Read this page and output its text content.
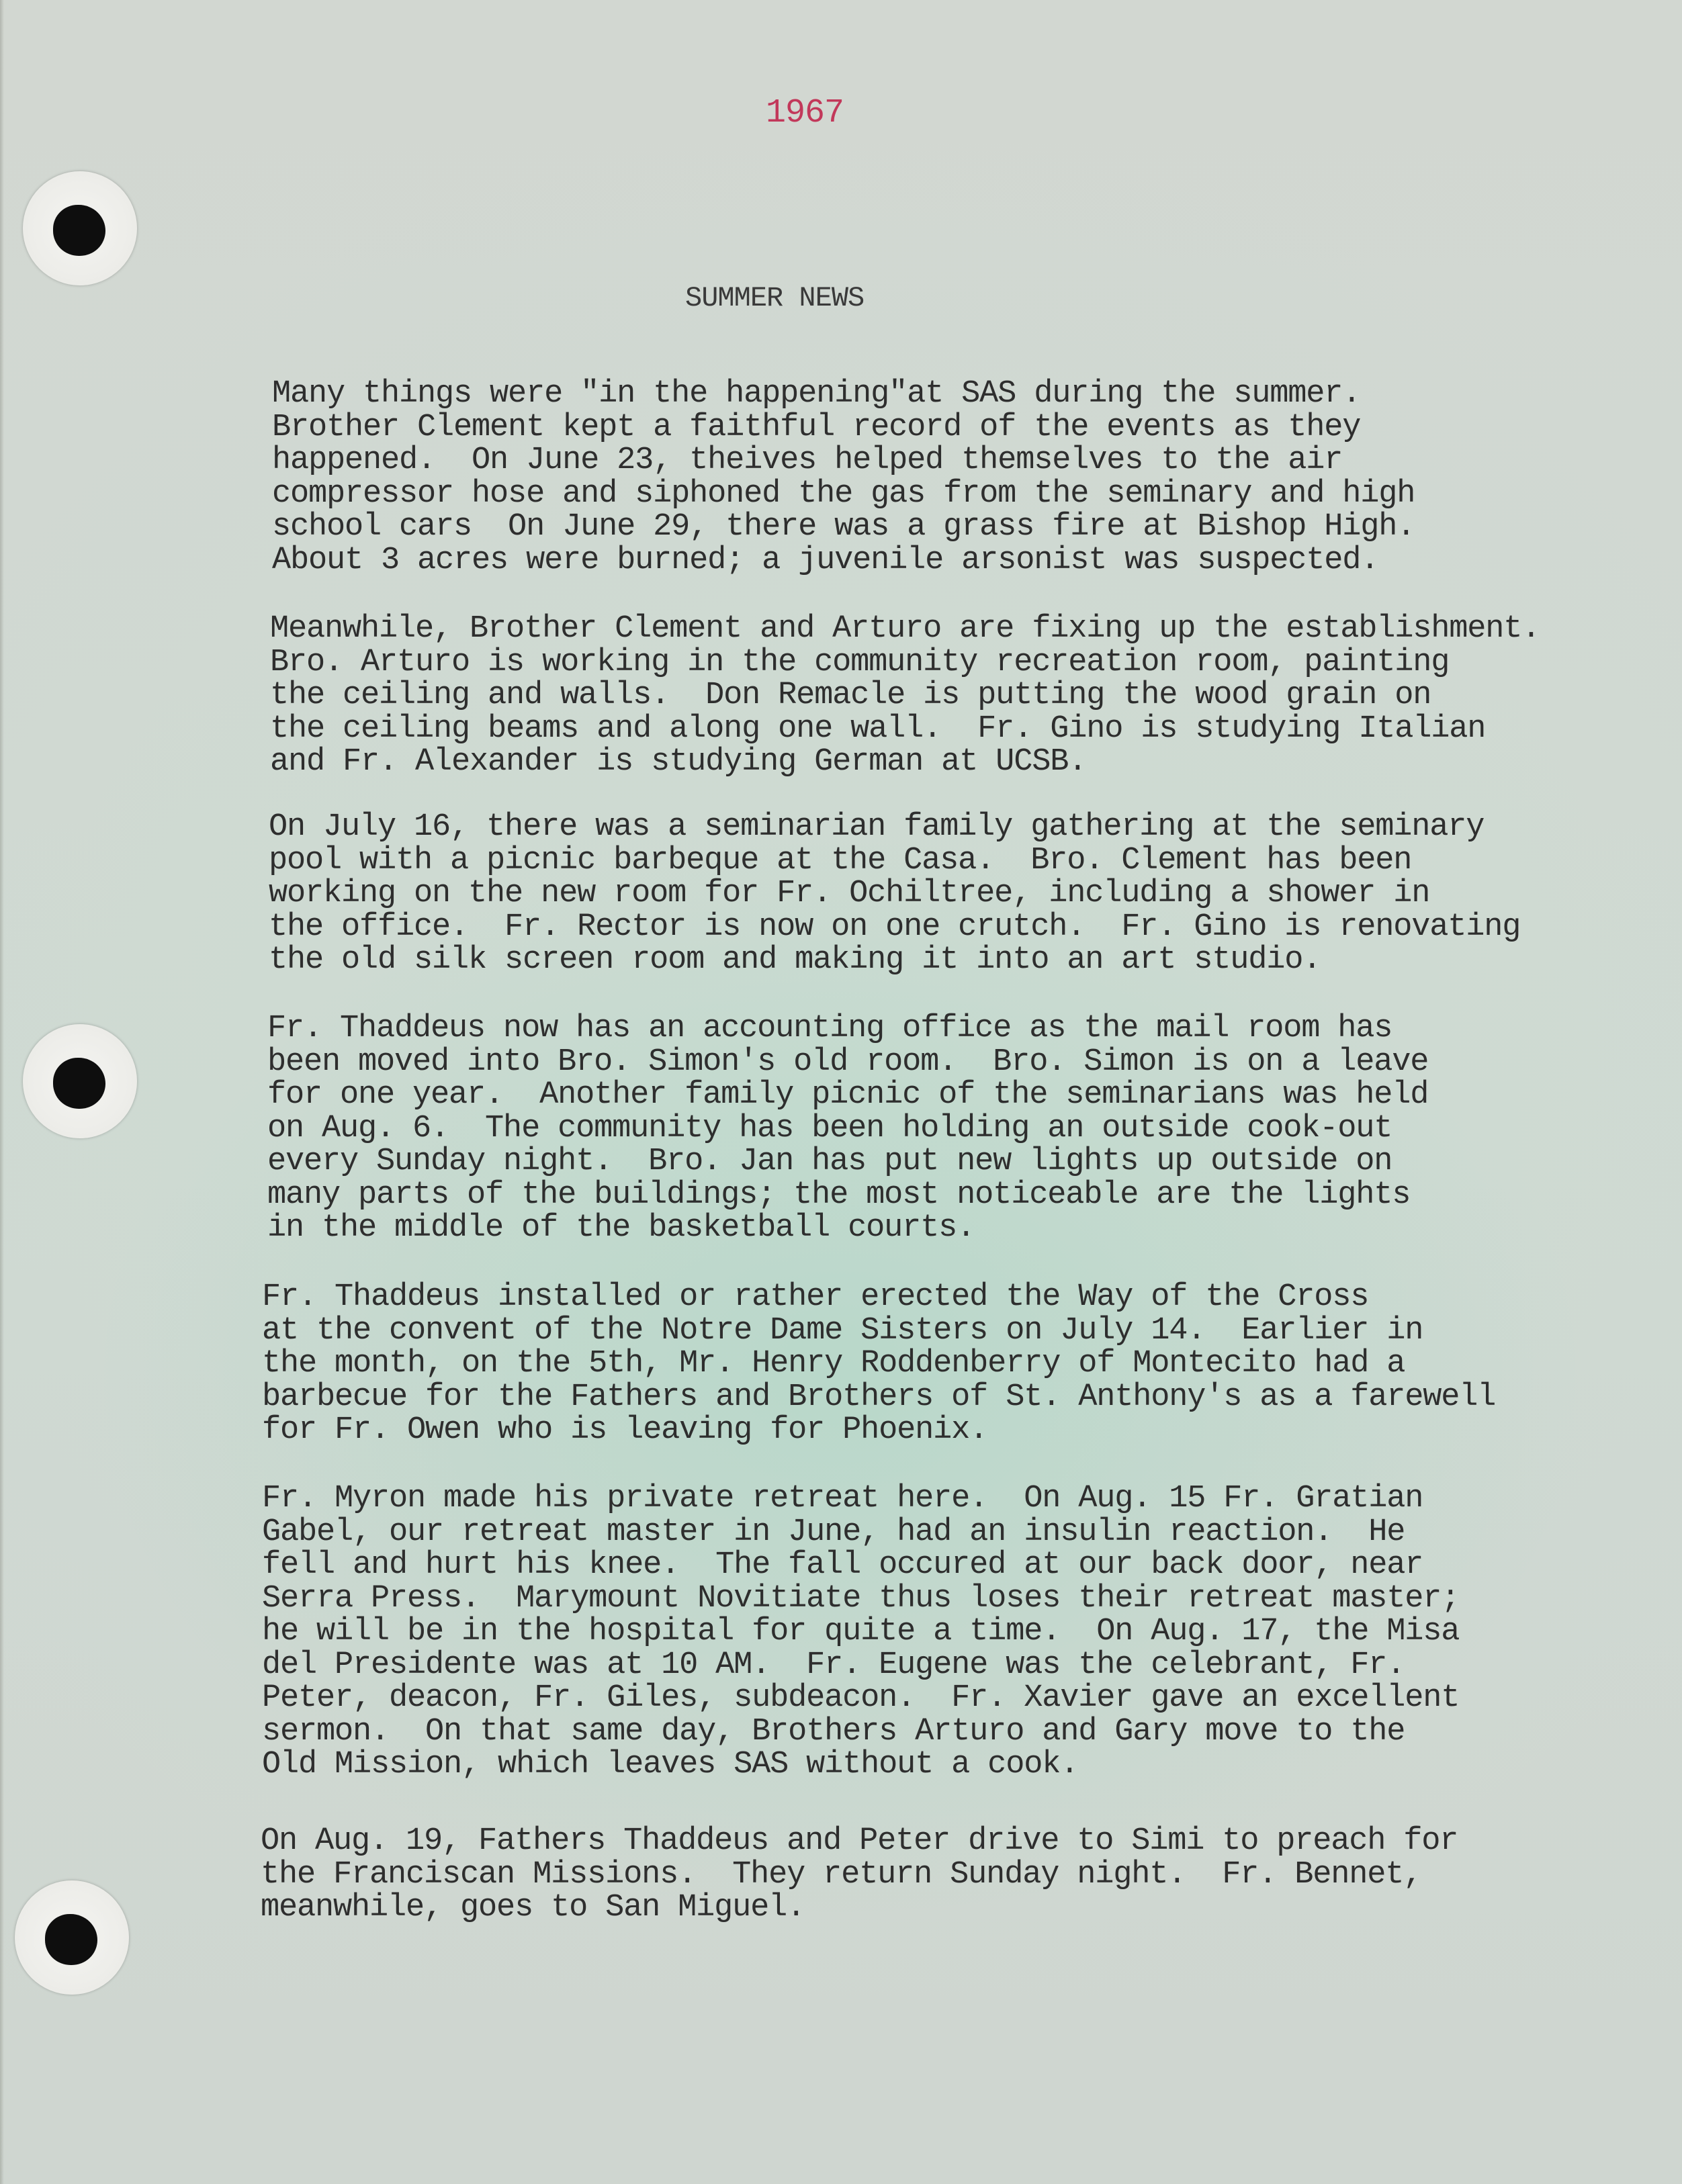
1967
SUMMER NEWS
Many things were "in the happening"at SAS during the summer.
Brother Clement kept a faithful record of the events as they
happened.  On June 23, theives helped themselves to the air
compressor hose and siphoned the gas from the seminary and high
school cars  On June 29, there was a grass fire at Bishop High.
About 3 acres were burned; a juvenile arsonist was suspected.
Meanwhile, Brother Clement and Arturo are fixing up the establishment.
Bro. Arturo is working in the community recreation room, painting
the ceiling and walls.  Don Remacle is putting the wood grain on
the ceiling beams and along one wall.  Fr. Gino is studying Italian
and Fr. Alexander is studying German at UCSB.
On July 16, there was a seminarian family gathering at the seminary
pool with a picnic barbeque at the Casa.  Bro. Clement has been
working on the new room for Fr. Ochiltree, including a shower in
the office.  Fr. Rector is now on one crutch.  Fr. Gino is renovating
the old silk screen room and making it into an art studio.
Fr. Thaddeus now has an accounting office as the mail room has
been moved into Bro. Simon's old room.  Bro. Simon is on a leave
for one year.  Another family picnic of the seminarians was held
on Aug. 6.  The community has been holding an outside cook-out
every Sunday night.  Bro. Jan has put new lights up outside on
many parts of the buildings; the most noticeable are the lights
in the middle of the basketball courts.
Fr. Thaddeus installed or rather erected the Way of the Cross
at the convent of the Notre Dame Sisters on July 14.  Earlier in
the month, on the 5th, Mr. Henry Roddenberry of Montecito had a
barbecue for the Fathers and Brothers of St. Anthony's as a farewell
for Fr. Owen who is leaving for Phoenix.
Fr. Myron made his private retreat here.  On Aug. 15 Fr. Gratian
Gabel, our retreat master in June, had an insulin reaction.  He
fell and hurt his knee.  The fall occured at our back door, near
Serra Press.  Marymount Novitiate thus loses their retreat master;
he will be in the hospital for quite a time.  On Aug. 17, the Misa
del Presidente was at 10 AM.  Fr. Eugene was the celebrant, Fr.
Peter, deacon, Fr. Giles, subdeacon.  Fr. Xavier gave an excellent
sermon.  On that same day, Brothers Arturo and Gary move to the
Old Mission, which leaves SAS without a cook.
On Aug. 19, Fathers Thaddeus and Peter drive to Simi to preach for
the Franciscan Missions.  They return Sunday night.  Fr. Bennet,
meanwhile, goes to San Miguel.
